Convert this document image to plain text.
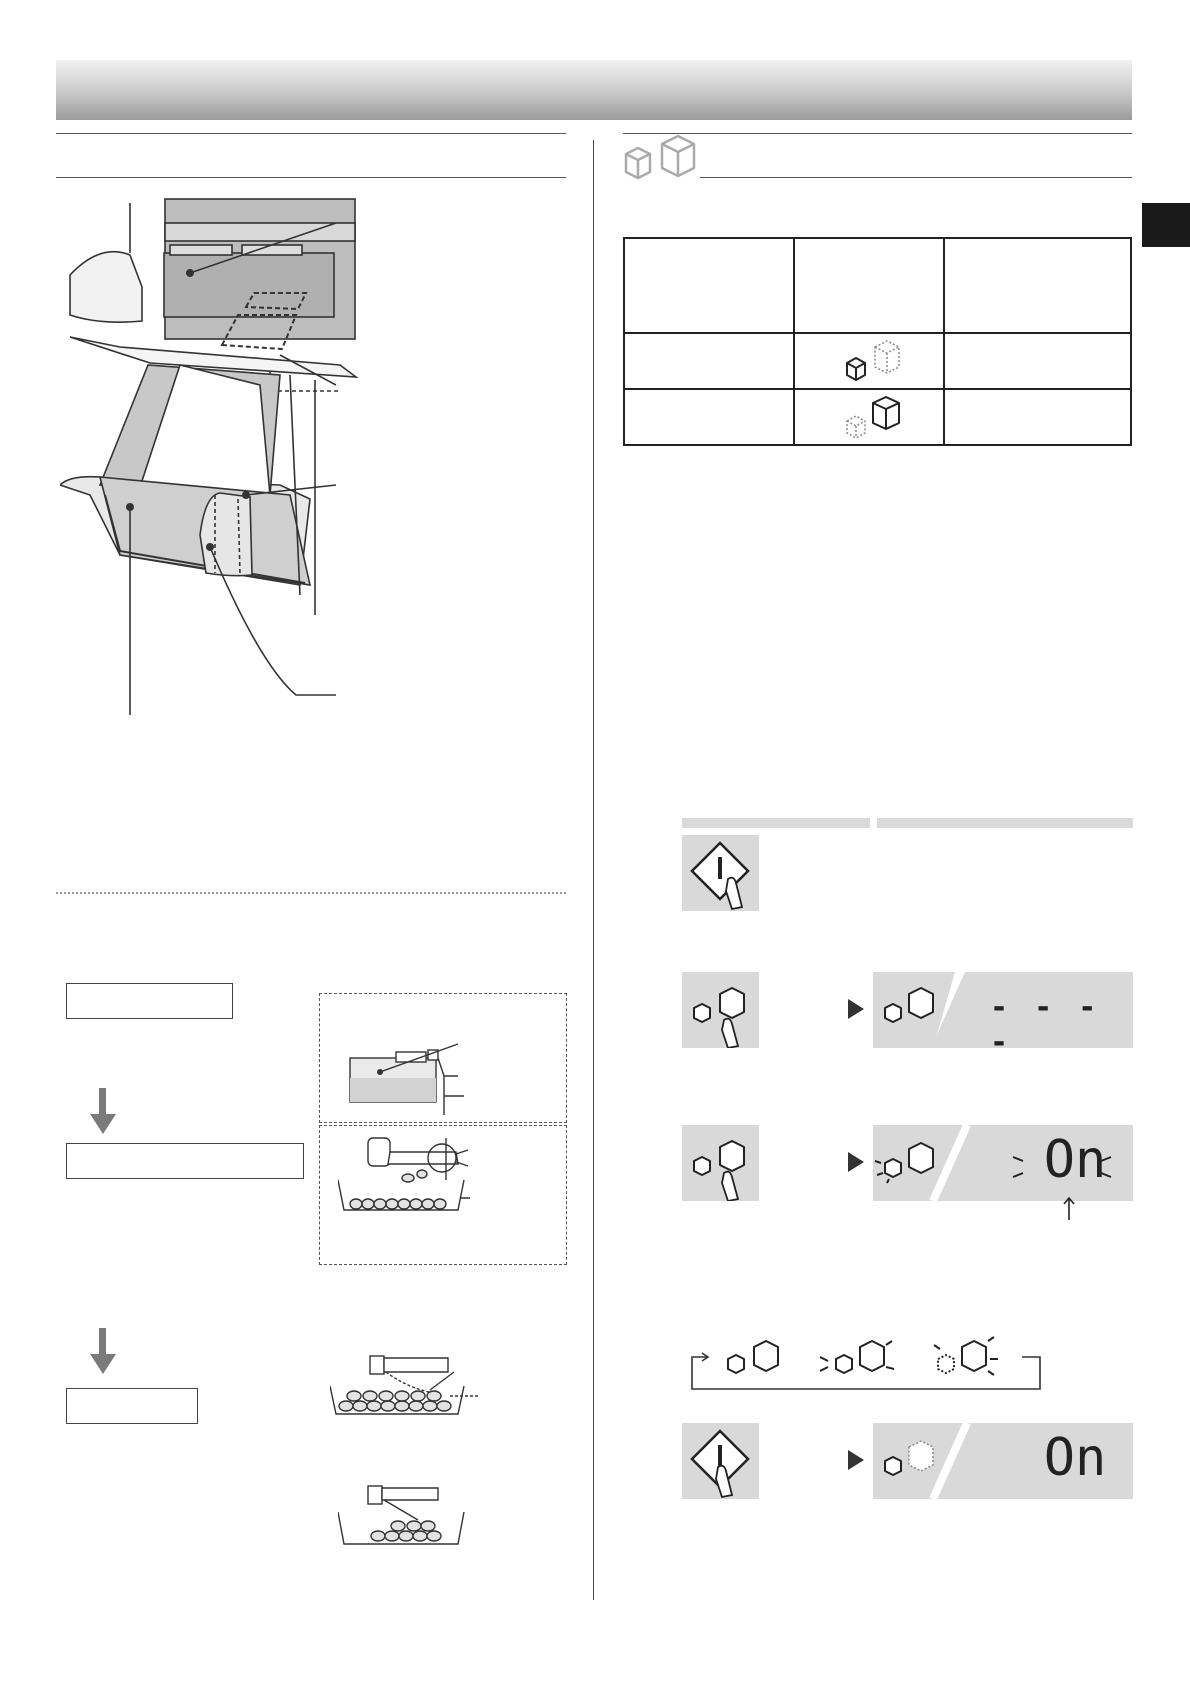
- - - -
On
On
